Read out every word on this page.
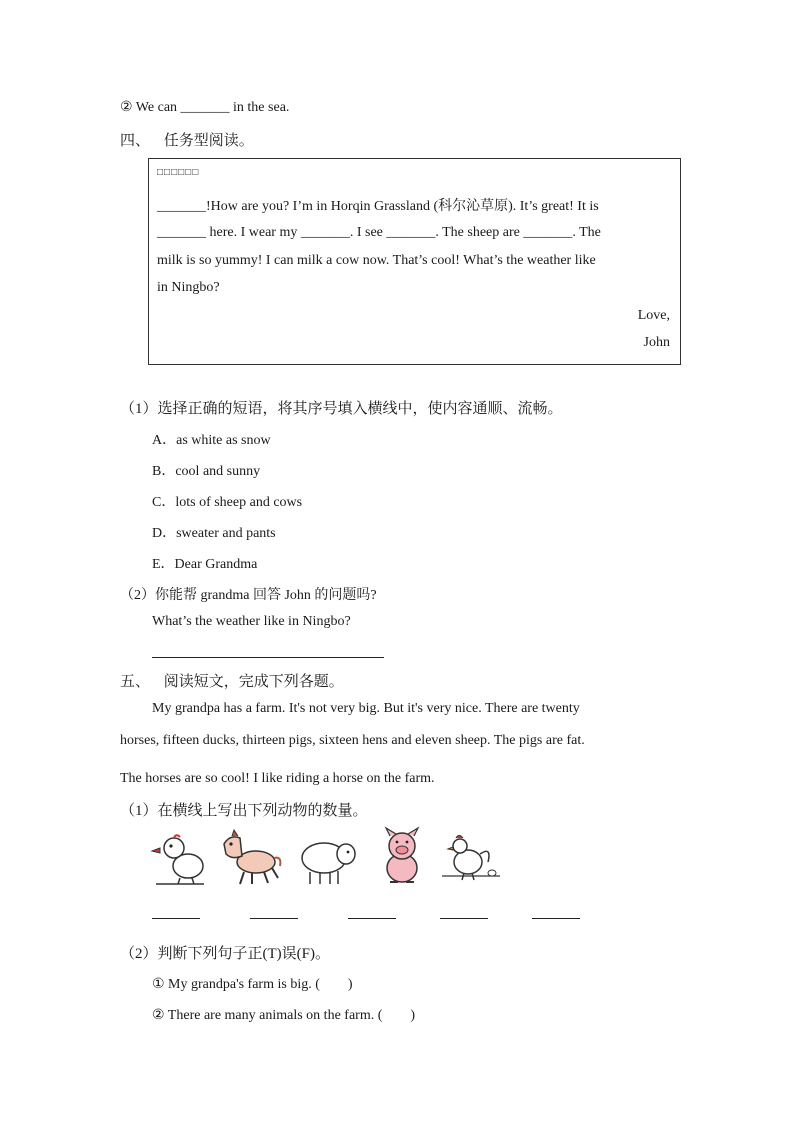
② We can _______ in the sea.
四、 任务型阅读。
□□□□□□
_______!How are you? I’m in Horqin Grassland (科尔沁草原). It’s great! It is
_______ here. I wear my _______. I see _______. The sheep are _______. The
milk is so yummy! I can milk a cow now. That’s cool! What’s the weather like
in Ningbo?
Love,
John
（1）选择正确的短语，将其序号填入横线中，使内容通顺、流畅。
A．as white as snow
B．cool and sunny
C．lots of sheep and cows
D．sweater and pants
E．Dear Grandma
（2）你能帮 grandma 回答 John 的问题吗?
What’s the weather like in Ningbo?
五、 阅读短文，完成下列各题。
My grandpa has a farm. It's not very big. But it's very nice. There are twenty
horses, fifteen ducks, thirteen pigs, sixteen hens and eleven sheep. The pigs are fat.
The horses are so cool! I like riding a horse on the farm.
（1）在横线上写出下列动物的数量。
（2）判断下列句子正(T)误(F)。
① My grandpa's farm is big. (　　)
② There are many animals on the farm. (　　)
